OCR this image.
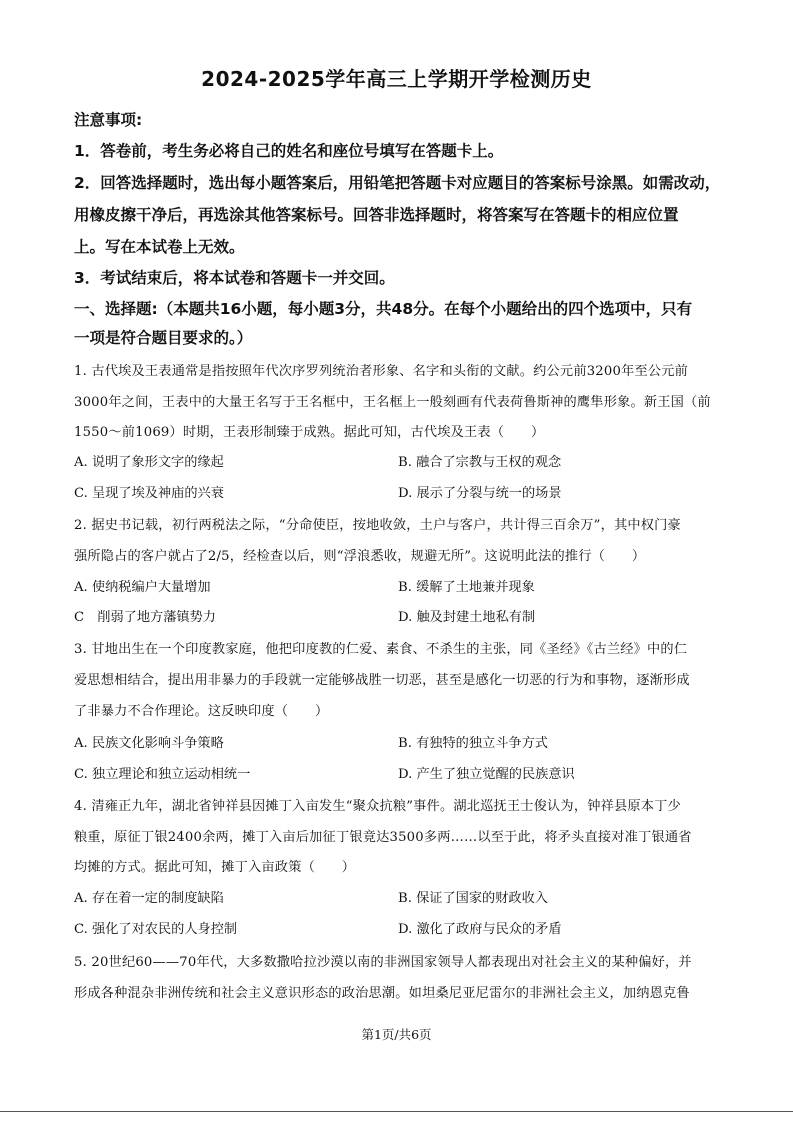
2024-2025学年高三上学期开学检测历史
注意事项:
1．答卷前，考生务必将自己的姓名和座位号填写在答题卡上。
2．回答选择题时，选出每小题答案后，用铅笔把答题卡对应题目的答案标号涂黑。如需改动，
用橡皮擦干净后，再选涂其他答案标号。回答非选择题时，将答案写在答题卡的相应位置
上。写在本试卷上无效。
3．考试结束后，将本试卷和答题卡一并交回。
一、选择题:（本题共16小题，每小题3分，共48分。在每个小题给出的四个选项中，只有
一项是符合题目要求的。）
1. 古代埃及王表通常是指按照年代次序罗列统治者形象、名字和头衔的文献。约公元前3200年至公元前
3000年之间，王表中的大量王名写于王名框中，王名框上一般刻画有代表荷鲁斯神的鹰隼形象。新王国（前
1550～前1069）时期，王表形制臻于成熟。据此可知，古代埃及王表（　　）
A. 说明了象形文字的缘起	B. 融合了宗教与王权的观念
C. 呈现了埃及神庙的兴衰	D. 展示了分裂与统一的场景
2. 据史书记载，初行两税法之际，“分命使臣，按地收敛，土户与客户，共计得三百余万”，其中权门豪
强所隐占的客户就占了2/5，经检查以后，则“浮浪悉收，规避无所”。这说明此法的推行（　　）
A. 使纳税编户大量增加	B. 缓解了土地兼并现象
C　削弱了地方藩镇势力	D. 触及封建土地私有制
3. 甘地出生在一个印度教家庭，他把印度教的仁爱、素食、不杀生的主张，同《圣经》《古兰经》中的仁
爱思想相结合，提出用非暴力的手段就一定能够战胜一切恶，甚至是感化一切恶的行为和事物，逐渐形成
了非暴力不合作理论。这反映印度（　　）
A. 民族文化影响斗争策略	B. 有独特的独立斗争方式
C. 独立理论和独立运动相统一	D. 产生了独立觉醒的民族意识
4. 清雍正九年，湖北省钟祥县因摊丁入亩发生“聚众抗粮”事件。湖北巡抚王士俊认为，钟祥县原本丁少
粮重，原征丁银2400余两，摊丁入亩后加征丁银竟达3500多两……以至于此，将矛头直接对准丁银通省
均摊的方式。据此可知，摊丁入亩政策（　　）
A. 存在着一定的制度缺陷	B. 保证了国家的财政收入
C. 强化了对农民的人身控制	D. 激化了政府与民众的矛盾
5. 20世纪60——70年代，大多数撒哈拉沙漠以南的非洲国家领导人都表现出对社会主义的某种偏好，并
形成各种混杂非洲传统和社会主义意识形态的政治思潮。如坦桑尼亚尼雷尔的非洲社会主义，加纳恩克鲁
第1页/共6页
